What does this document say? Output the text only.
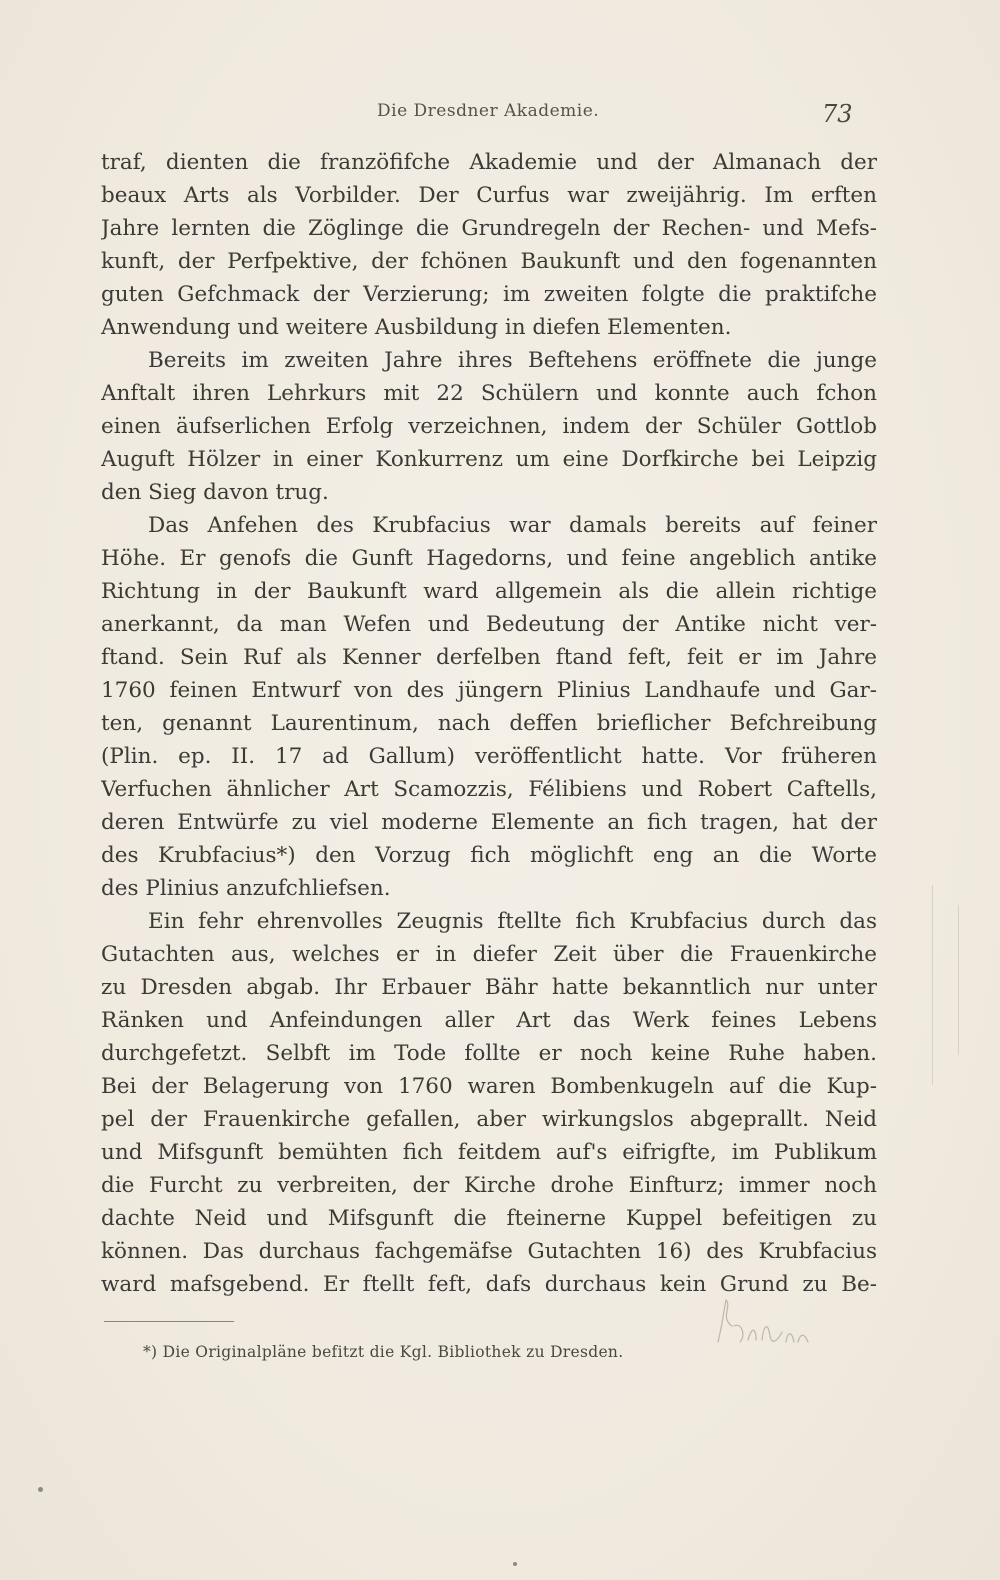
Die Dresdner Akademie.	73
traf, dienten die franzöfifche Akademie und der Almanach der
beaux Arts als Vorbilder. Der Curfus war zweijährig. Im erften
Jahre lernten die Zöglinge die Grundregeln der Rechen- und Mefs-
kunft, der Perfpektive, der fchönen Baukunft und den fogenannten
guten Gefchmack der Verzierung; im zweiten folgte die praktifche
Anwendung und weitere Ausbildung in diefen Elementen.
Bereits im zweiten Jahre ihres Beftehens eröffnete die junge
Anftalt ihren Lehrkurs mit 22 Schülern und konnte auch fchon
einen äufserlichen Erfolg verzeichnen, indem der Schüler Gottlob
Auguft Hölzer in einer Konkurrenz um eine Dorfkirche bei Leipzig
den Sieg davon trug.
Das Anfehen des Krubfacius war damals bereits auf feiner
Höhe. Er genofs die Gunft Hagedorns, und feine angeblich antike
Richtung in der Baukunft ward allgemein als die allein richtige
anerkannt, da man Wefen und Bedeutung der Antike nicht ver-
ftand. Sein Ruf als Kenner derfelben ftand feft, feit er im Jahre
1760 feinen Entwurf von des jüngern Plinius Landhaufe und Gar-
ten, genannt Laurentinum, nach deffen brieflicher Befchreibung
(Plin. ep. II. 17 ad Gallum) veröffentlicht hatte. Vor früheren
Verfuchen ähnlicher Art Scamozzis, Félibiens und Robert Caftells,
deren Entwürfe zu viel moderne Elemente an fich tragen, hat der
des Krubfacius*) den Vorzug fich möglichft eng an die Worte
des Plinius anzufchliefsen.
Ein fehr ehrenvolles Zeugnis ftellte fich Krubfacius durch das
Gutachten aus, welches er in diefer Zeit über die Frauenkirche
zu Dresden abgab. Ihr Erbauer Bähr hatte bekanntlich nur unter
Ränken und Anfeindungen aller Art das Werk feines Lebens
durchgefetzt. Selbft im Tode follte er noch keine Ruhe haben.
Bei der Belagerung von 1760 waren Bombenkugeln auf die Kup-
pel der Frauenkirche gefallen, aber wirkungslos abgeprallt. Neid
und Mifsgunft bemühten fich feitdem auf's eifrigfte, im Publikum
die Furcht zu verbreiten, der Kirche drohe Einfturz; immer noch
dachte Neid und Mifsgunft die fteinerne Kuppel befeitigen zu
können. Das durchaus fachgemäfse Gutachten 16) des Krubfacius
ward mafsgebend. Er ftellt feft, dafs durchaus kein Grund zu Be-
*) Die Originalpläne befitzt die Kgl. Bibliothek zu Dresden.
